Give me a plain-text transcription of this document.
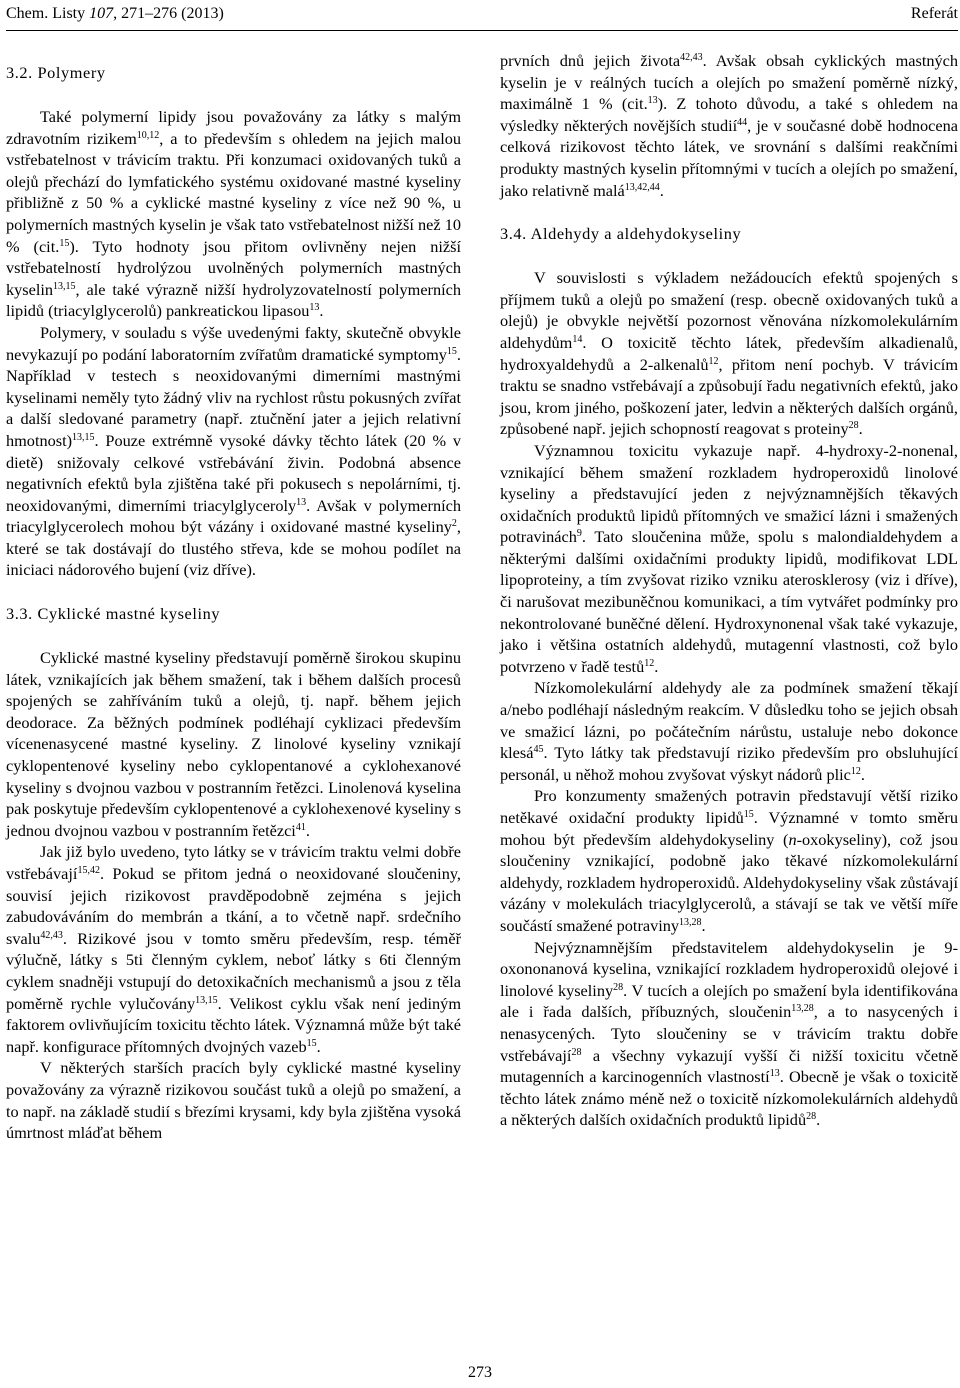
Chem. Listy 107, 271–276 (2013)	Referát
3.2. Polymery

Také polymerní lipidy jsou považovány za látky s malým zdravotním rizikem$^{10,12}$, a to především s ohledem na jejich malou vstřebatelnost v trávicím traktu. Při konzumaci oxidovaných tuků a olejů přechází do lymfatického systému oxidované mastné kyseliny přibližně z 50 % a cyklické mastné kyseliny z více než 90 %, u polymerních mastných kyselin je však tato vstřebatelnost nižší než 10 % (cit.$^{15}$). Tyto hodnoty jsou přitom ovlivněny nejen nižší vstřebatelností hydrolýzou uvolněných polymerních mastných kyselin$^{13,15}$, ale také výrazně nižší hydrolyzovatelností polymerních lipidů (triacylglycerolů) pankreatickou lipasou$^{13}$.

Polymery, v souladu s výše uvedenými fakty, skutečně obvykle nevykazují po podání laboratorním zvířatům dramatické symptomy$^{15}$. Například v testech s neoxidovanými dimerními mastnými kyselinami neměly tyto žádný vliv na rychlost růstu pokusných zvířat a další sledované parametry (např. ztučnění jater a jejich relativní hmotnost)$^{13,15}$. Pouze extrémně vysoké dávky těchto látek (20 % v dietě) snižovaly celkové vstřebávání živin. Podobná absence negativních efektů byla zjištěna také při pokusech s nepolárními, tj. neoxidovanými, dimerními triacylglyceroly$^{13}$. Avšak v polymerních triacylglycerolech mohou být vázány i oxidované mastné kyseliny$^2$, které se tak dostávají do tlustého střeva, kde se mohou podílet na iniciaci nádorového bujení (viz dříve).

3.3. Cyklické mastné kyseliny

Cyklické mastné kyseliny představují poměrně širokou skupinu látek, vznikajících jak během smažení, tak i během dalších procesů spojených se zahříváním tuků a olejů, tj. např. během jejich deodorace. Za běžných podmínek podléhají cyklizaci především vícenenasycené mastné kyseliny. Z linolové kyseliny vznikají cyklopentenové kyseliny nebo cyklopentanové a cyklohexanové kyseliny s dvojnou vazbou v postranním řetězci. Linolenová kyselina pak poskytuje především cyklopentenové a cyklohexenové kyseliny s jednou dvojnou vazbou v postranním řetězci$^{41}$.

Jak již bylo uvedeno, tyto látky se v trávicím traktu velmi dobře vstřebávají$^{15,42}$. Pokud se přitom jedná o neoxidované sloučeniny, souvisí jejich rizikovost pravděpodobně zejména s jejich zabudováváním do membrán a tkání, a to včetně např. srdečního svalu$^{42,43}$. Rizikové jsou v tomto směru především, resp. téměř výlučně, látky s 5ti členným cyklem, neboť látky s 6ti členným cyklem snadněji vstupují do detoxikačních mechanismů a jsou z těla poměrně rychle vylučovány$^{13,15}$. Velikost cyklu však není jediným faktorem ovlivňujícím toxicitu těchto látek. Významná může být také např. konfigurace přítomných dvojných vazeb$^{15}$.

V některých starších pracích byly cyklické mastné kyseliny považovány za výrazně rizikovou součást tuků a olejů po smažení, a to např. na základě studií s březími krysami, kdy byla zjištěna vysoká úmrtnost mláďat během

prvních dnů jejich života$^{42,43}$. Avšak obsah cyklických mastných kyselin je v reálných tucích a olejích po smažení poměrně nízký, maximálně 1 % (cit.$^{13}$). Z tohoto důvodu, a také s ohledem na výsledky některých novějších studií$^{44}$, je v současné době hodnocena celková rizikovost těchto látek, ve srovnání s dalšími reakčními produkty mastných kyselin přítomnými v tucích a olejích po smažení, jako relativně malá$^{13,42,44}$.

3.4. Aldehydy a aldehydokyseliny

V souvislosti s výkladem nežádoucích efektů spojených s příjmem tuků a olejů po smažení (resp. obecně oxidovaných tuků a olejů) je obvykle největší pozornost věnována nízkomolekulárním aldehydům$^{14}$. O toxicitě těchto látek, především alkadienalů, hydroxyaldehydů a 2-alkenalů$^{12}$, přitom není pochyb. V trávicím traktu se snadno vstřebávají a způsobují řadu negativních efektů, jako jsou, krom jiného, poškození jater, ledvin a některých dalších orgánů, způsobené např. jejich schopností reagovat s proteiny$^{28}$.

Významnou toxicitu vykazuje např. 4-hydroxy-2-nonenal, vznikající během smažení rozkladem hydroperoxidů linolové kyseliny a představující jeden z nejvýznamnějších těkavých oxidačních produktů lipidů přítomných ve smažicí lázni i smažených potravinách$^9$. Tato sloučenina může, spolu s malondialdehydem a některými dalšími oxidačními produkty lipidů, modifikovat LDL lipoproteiny, a tím zvyšovat riziko vzniku aterosklerosy (viz i dříve), či narušovat mezibuněčnou komunikaci, a tím vytvářet podmínky pro nekontrolované buněčné dělení. Hydroxynonenal však také vykazuje, jako i většina ostatních aldehydů, mutagenní vlastnosti, což bylo potvrzeno v řadě testů$^{12}$.

Nízkomolekulární aldehydy ale za podmínek smažení těkají a/nebo podléhají následným reakcím. V důsledku toho se jejich obsah ve smažicí lázni, po počátečním nárůstu, ustaluje nebo dokonce klesá$^{45}$. Tyto látky tak představují riziko především pro obsluhující personál, u něhož mohou zvyšovat výskyt nádorů plic$^{12}$.

Pro konzumenty smažených potravin představují větší riziko netěkavé oxidační produkty lipidů$^{15}$. Významné v tomto směru mohou být především aldehydokyseliny (n-oxokyseliny), což jsou sloučeniny vznikající, podobně jako těkavé nízkomolekulární aldehydy, rozkladem hydroperoxidů. Aldehydokyseliny však zůstávají vázány v molekulách triacylglycerolů, a stávají se tak ve větší míře součástí smažené potraviny$^{13,28}$.

Nejvýznamnějším představitelem aldehydokyselin je 9-oxononanová kyselina, vznikající rozkladem hydroperoxidů olejové i linolové kyseliny$^{28}$. V tucích a olejích po smažení byla identifikována ale i řada dalších, příbuzných, sloučenin$^{13,28}$, a to nasycených i nenasycených. Tyto sloučeniny se v trávicím traktu dobře vstřebávají$^{28}$ a všechny vykazují vyšší či nižší toxicitu včetně mutagenních a karcinogenních vlastností$^{13}$. Obecně je však o toxicitě těchto látek známo méně než o toxicitě nízkomolekulárních aldehydů a některých dalších oxidačních produktů lipidů$^{28}$.

273
